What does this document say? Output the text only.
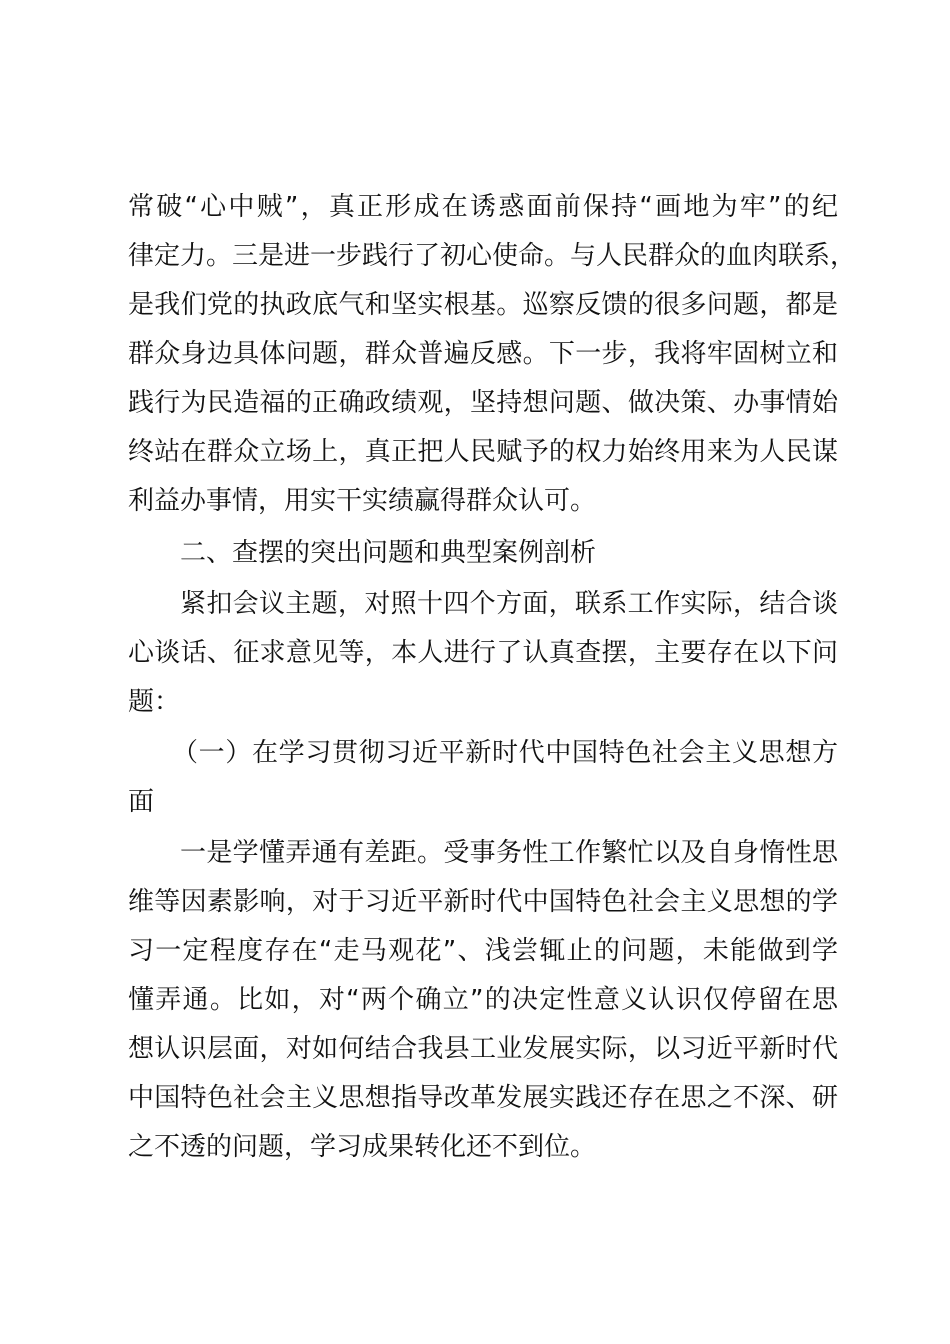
常破“心中贼”，真正形成在诱惑面前保持“画地为牢”的纪
律定力。三是进一步践行了初心使命。与人民群众的血肉联系，
是我们党的执政底气和坚实根基。巡察反馈的很多问题，都是
群众身边具体问题，群众普遍反感。下一步，我将牢固树立和
践行为民造福的正确政绩观，坚持想问题、做决策、办事情始
终站在群众立场上，真正把人民赋予的权力始终用来为人民谋
利益办事情，用实干实绩赢得群众认可。
二、查摆的突出问题和典型案例剖析
紧扣会议主题，对照十四个方面，联系工作实际，结合谈
心谈话、征求意见等，本人进行了认真查摆，主要存在以下问
题：
（一）在学习贯彻习近平新时代中国特色社会主义思想方
面
一是学懂弄通有差距。受事务性工作繁忙以及自身惰性思
维等因素影响，对于习近平新时代中国特色社会主义思想的学
习一定程度存在“走马观花”、浅尝辄止的问题，未能做到学
懂弄通。比如，对“两个确立”的决定性意义认识仅停留在思
想认识层面，对如何结合我县工业发展实际，以习近平新时代
中国特色社会主义思想指导改革发展实践还存在思之不深、研
之不透的问题，学习成果转化还不到位。
